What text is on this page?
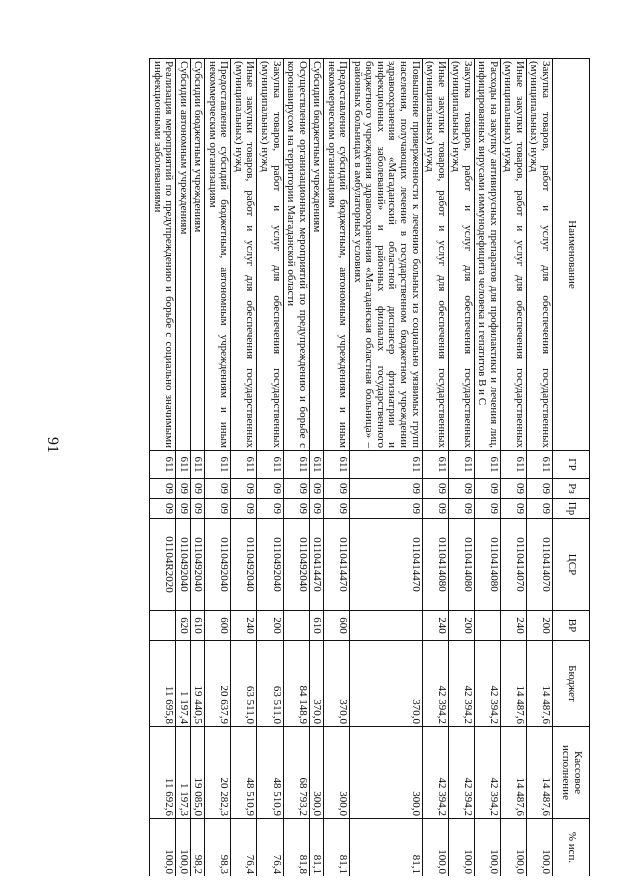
91
Наименование	ГР	Рз	Пр	ЦСР	ВР	Бюджет	Кассовое исполнение	% исп.
Закупка товаров, работ и услуг для обеспечения государственных (муниципальных) нужд	611	09	09	0110414070	200	14 487,6	14 487,6	100,0
Иные закупки товаров, работ и услуг для обеспечения государственных (муниципальных) нужд	611	09	09	0110414070	240	14 487,6	14 487,6	100,0
Расходы на закупку антивирусных препаратов для профилактики и лечения лиц, инфицированных вирусами иммунодефицита человека и гепатитов В и С	611	09	09	0110414080		42 394,2	42 394,2	100,0
Закупка товаров, работ и услуг для обеспечения государственных (муниципальных) нужд	611	09	09	0110414080	200	42 394,2	42 394,2	100,0
Иные закупки товаров, работ и услуг для обеспечения государственных (муниципальных) нужд	611	09	09	0110414080	240	42 394,2	42 394,2	100,0
Повышение приверженности к лечению больных из социально уязвимых групп населения, получающих лечение в государственном бюджетном учреждении здравоохранения «Магаданский областной диспансер фтизиатрии и инфекционных заболеваний» и районных филиалах государственного бюджетного учреждения здравоохранения «Магаданская областная больница» – районных больницах в амбулаторных условиях	611	09	09	0110414470		370,0	300,0	81,1
Предоставление субсидий бюджетным, автономным учреждениям и иным некоммерческим организациям	611	09	09	0110414470	600	370,0	300,0	81,1
Субсидии бюджетным учреждениям	611	09	09	0110414470	610	370,0	300,0	81,1
Осуществление организационных мероприятий по предупреждению и борьбе с коронавирусом на территории Магаданской области	611	09	09	0110492040		84 148,9	68 793,2	81,8
Закупка товаров, работ и услуг для обеспечения государственных (муниципальных) нужд	611	09	09	0110492040	200	63 511,0	48 510,9	76,4
Иные закупки товаров, работ и услуг для обеспечения государственных (муниципальных) нужд	611	09	09	0110492040	240	63 511,0	48 510,9	76,4
Предоставление субсидий бюджетным, автономным учреждениям и иным некоммерческим организациям	611	09	09	0110492040	600	20 637,9	20 282,3	98,3
Субсидии бюджетным учреждениям	611	09	09	0110492040	610	19 440,5	19 085,0	98,2
Субсидии автономным учреждениям	611	09	09	0110492040	620	1 197,4	1 197,3	100,0
Реализация мероприятий по предупреждению и борьбе с социально значимыми инфекционными заболеваниями	611	09	09	01104R2020		11 695,8	11 692,6	100,0
